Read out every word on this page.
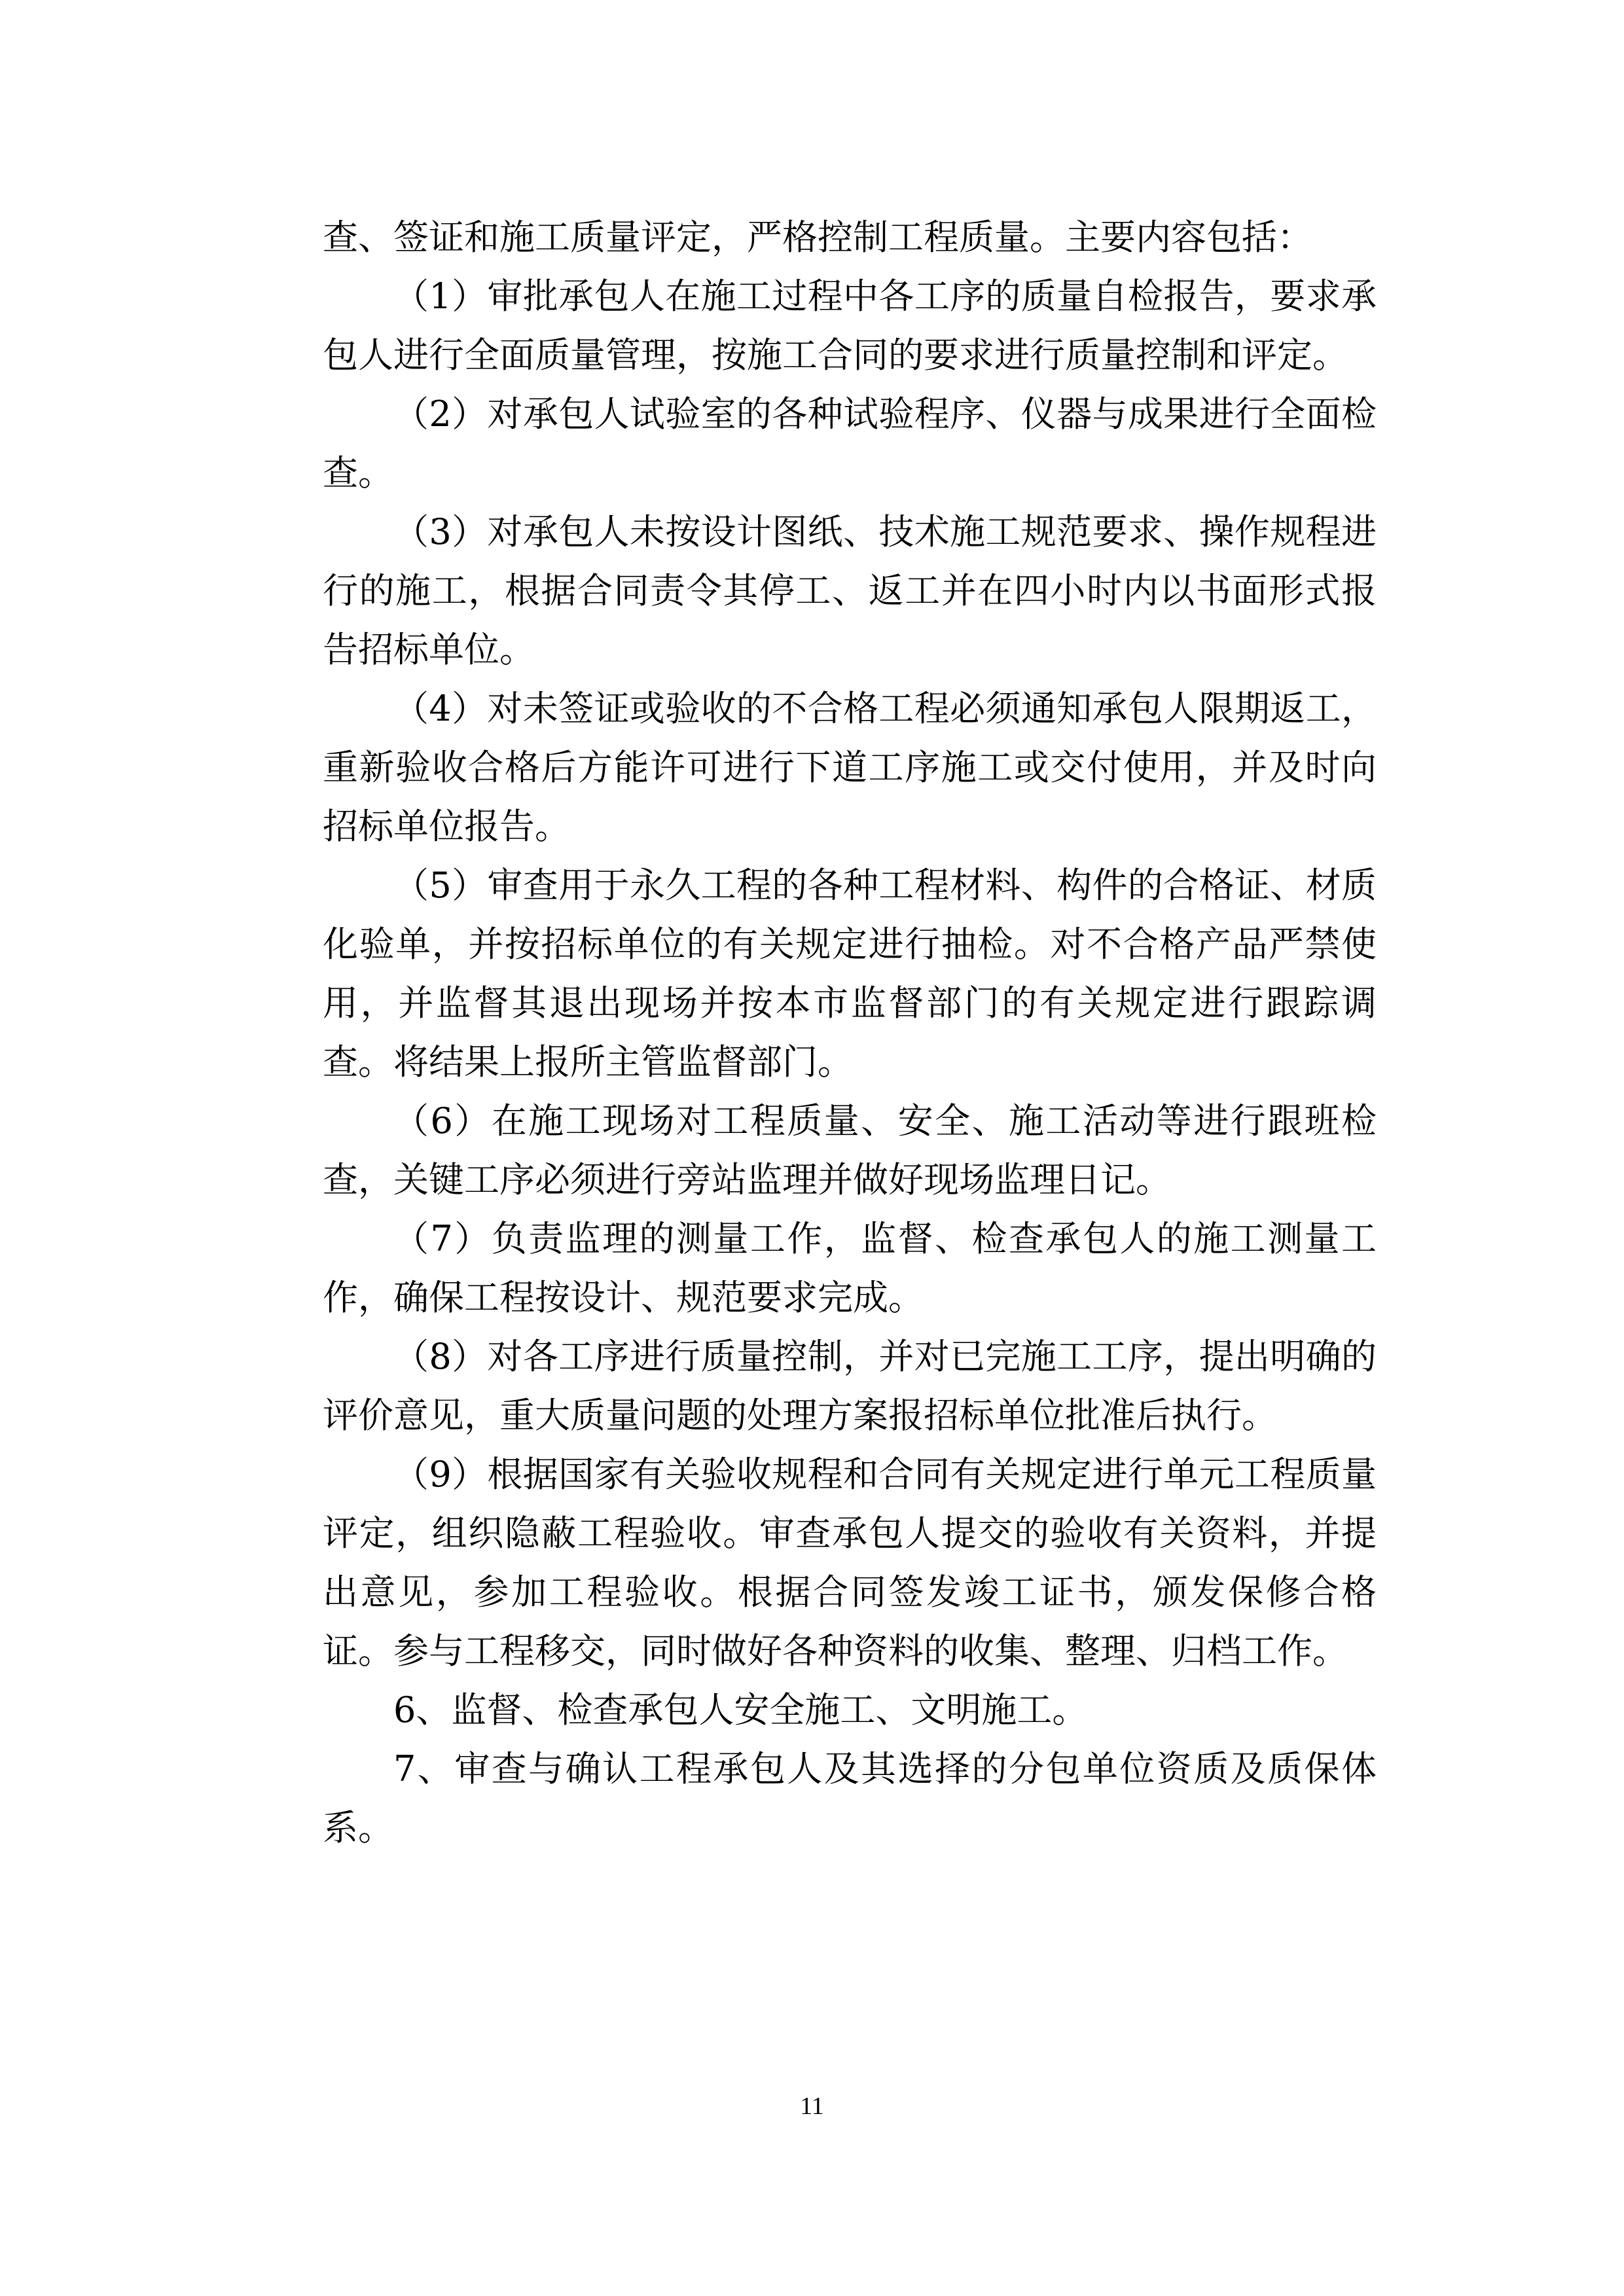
查、签证和施工质量评定，严格控制工程质量。主要内容包括：

（1）审批承包人在施工过程中各工序的质量自检报告，要求承包人进行全面质量管理，按施工合同的要求进行质量控制和评定。

（2）对承包人试验室的各种试验程序、仪器与成果进行全面检查。

（3）对承包人未按设计图纸、技术施工规范要求、操作规程进行的施工，根据合同责令其停工、返工并在四小时内以书面形式报告招标单位。

（4）对未签证或验收的不合格工程必须通知承包人限期返工，重新验收合格后方能许可进行下道工序施工或交付使用，并及时向招标单位报告。

（5）审查用于永久工程的各种工程材料、构件的合格证、材质化验单，并按招标单位的有关规定进行抽检。对不合格产品严禁使用，并监督其退出现场并按本市监督部门的有关规定进行跟踪调查。将结果上报所主管监督部门。

（6）在施工现场对工程质量、安全、施工活动等进行跟班检查，关键工序必须进行旁站监理并做好现场监理日记。

（7）负责监理的测量工作，监督、检查承包人的施工测量工作，确保工程按设计、规范要求完成。

（8）对各工序进行质量控制，并对已完施工工序，提出明确的评价意见，重大质量问题的处理方案报招标单位批准后执行。

（9）根据国家有关验收规程和合同有关规定进行单元工程质量评定，组织隐蔽工程验收。审查承包人提交的验收有关资料，并提出意见，参加工程验收。根据合同签发竣工证书，颁发保修合格证。参与工程移交，同时做好各种资料的收集、整理、归档工作。

6、监督、检查承包人安全施工、文明施工。

7、审查与确认工程承包人及其选择的分包单位资质及质保体系。

11
